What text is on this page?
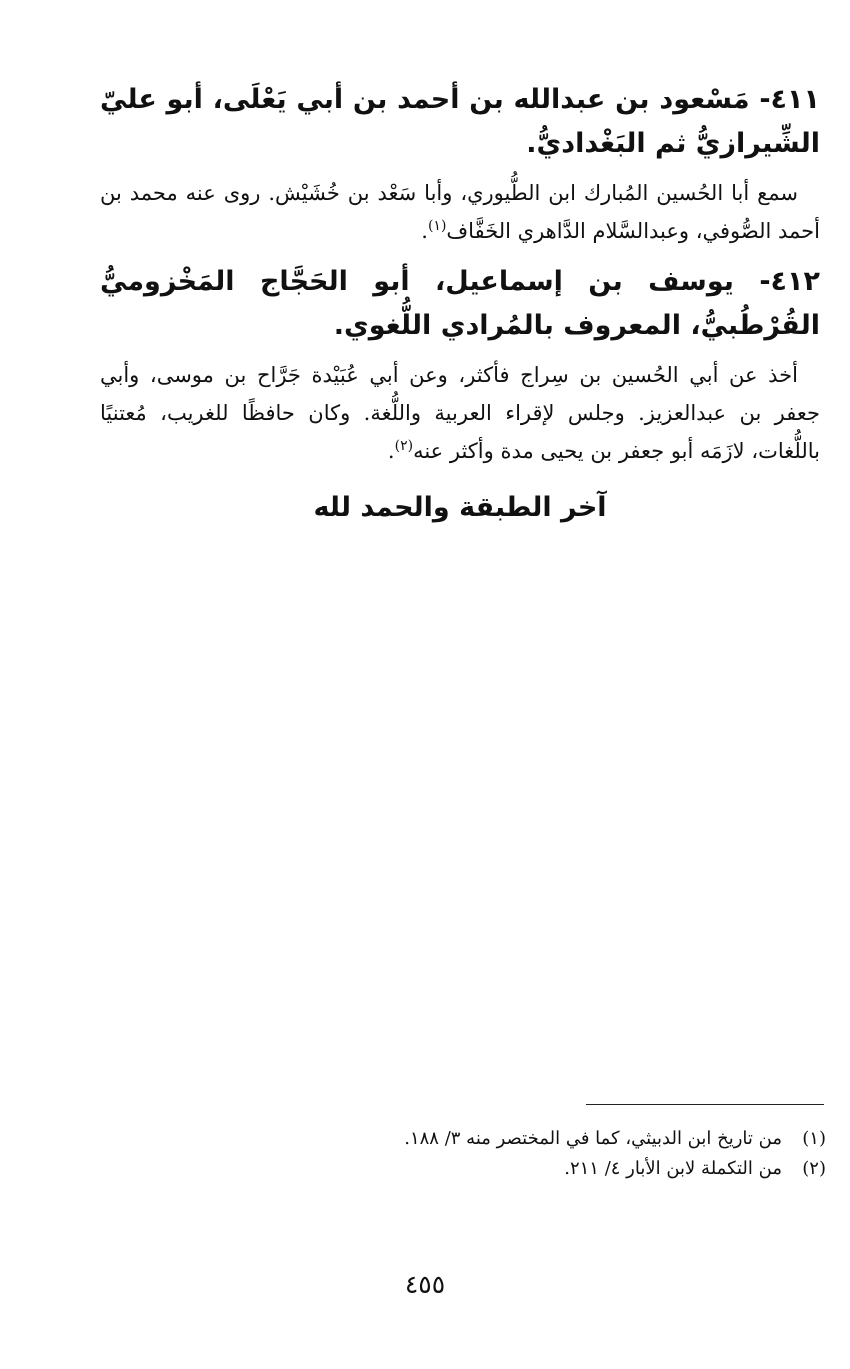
٤١١- مَسْعود بن عبدالله بن أحمد بن أبي يَعْلَى، أبو عليّ الشِّيرازيُّ ثم البَغْداديُّ.

سمع أبا الحُسين المُبارك ابن الطُّيوري، وأبا سَعْد بن خُشَيْش. روى عنه محمد بن أحمد الصُّوفي، وعبدالسَّلام الدَّاهري الخَفَّاف$^{(١)}$.

٤١٢- يوسف بن إسماعيل، أبو الحَجَّاج المَخْزوميُّ القُرْطُبيُّ، المعروف بالمُرادي اللُّغوي.

أخذ عن أبي الحُسين بن سِراج فأكثر، وعن أبي عُبَيْدة جَرَّاح بن موسى، وأبي جعفر بن عبدالعزيز. وجلس لإقراء العربية واللُّغة. وكان حافظًا للغريب، مُعتنيًا باللُّغات، لازَمَه أبو جعفر بن يحيى مدة وأكثر عنه$^{(٢)}$.

آخر الطبقة والحمد لله
(١)من تاريخ ابن الدبيثي، كما في المختصر منه ٣/ ١٨٨.
(٢)من التكملة لابن الأبار ٤/ ٢١١.
٤٥٥
